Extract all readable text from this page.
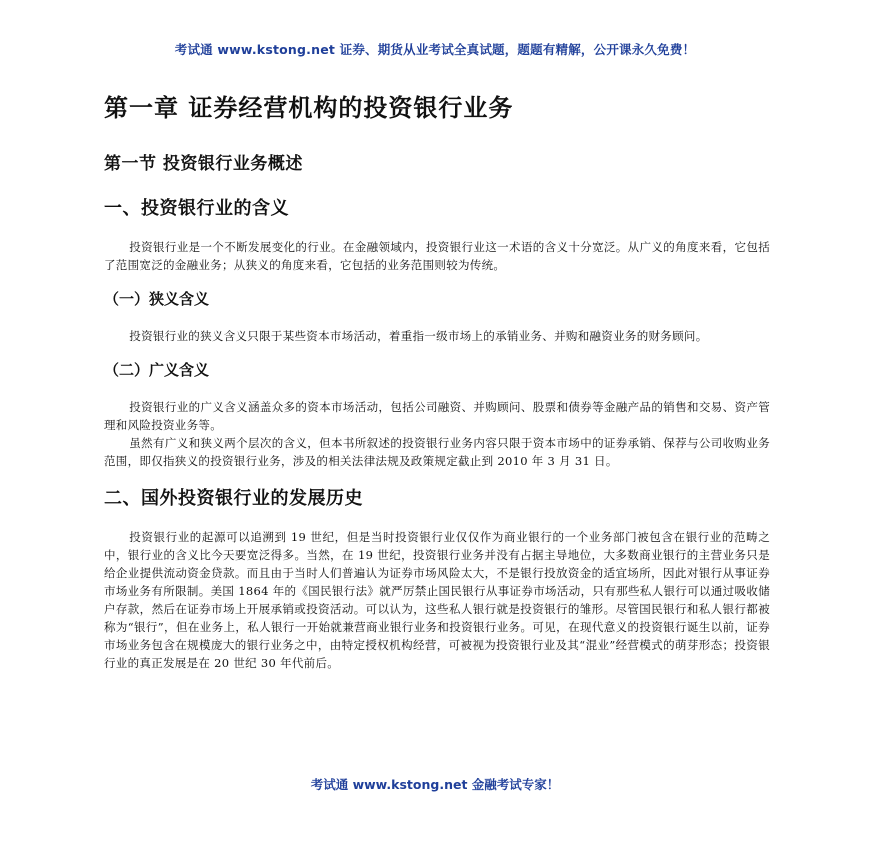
考试通 www.kstong.net 证券、期货从业考试全真试题，题题有精解，公开课永久免费！
第一章 证券经营机构的投资银行业务
第一节 投资银行业务概述
一、投资银行业的含义

投资银行业是一个不断发展变化的行业。在金融领域内，投资银行业这一术语的含义十分宽泛。从广义的角度来看，它包括了范围宽泛的金融业务；从狭义的角度来看，它包括的业务范围则较为传统。

（一）狭义含义

投资银行业的狭义含义只限于某些资本市场活动，着重指一级市场上的承销业务、并购和融资业务的财务顾问。

（二）广义含义

投资银行业的广义含义涵盖众多的资本市场活动，包括公司融资、并购顾问、股票和债券等金融产品的销售和交易、资产管理和风险投资业务等。

虽然有广义和狭义两个层次的含义，但本书所叙述的投资银行业务内容只限于资本市场中的证券承销、保荐与公司收购业务范围，即仅指狭义的投资银行业务，涉及的相关法律法规及政策规定截止到 2010 年 3 月 31 日。

二、国外投资银行业的发展历史

投资银行业的起源可以追溯到 19 世纪，但是当时投资银行业仅仅作为商业银行的一个业务部门被包含在银行业的范畴之中，银行业的含义比今天要宽泛得多。当然，在 19 世纪，投资银行业务并没有占据主导地位，大多数商业银行的主营业务只是给企业提供流动资金贷款。而且由于当时人们普遍认为证券市场风险太大，不是银行投放资金的适宜场所，因此对银行从事证券市场业务有所限制。美国 1864 年的《国民银行法》就严厉禁止国民银行从事证券市场活动，只有那些私人银行可以通过吸收储户存款，然后在证券市场上开展承销或投资活动。可以认为，这些私人银行就是投资银行的雏形。尽管国民银行和私人银行都被称为“银行”，但在业务上，私人银行一开始就兼营商业银行业务和投资银行业务。可见，在现代意义的投资银行诞生以前，证券市场业务包含在规模庞大的银行业务之中，由特定授权机构经营，可被视为投资银行业及其“混业”经营模式的萌芽形态；投资银行业的真正发展是在 20 世纪 30 年代前后。

考试通 www.kstong.net 金融考试专家！
